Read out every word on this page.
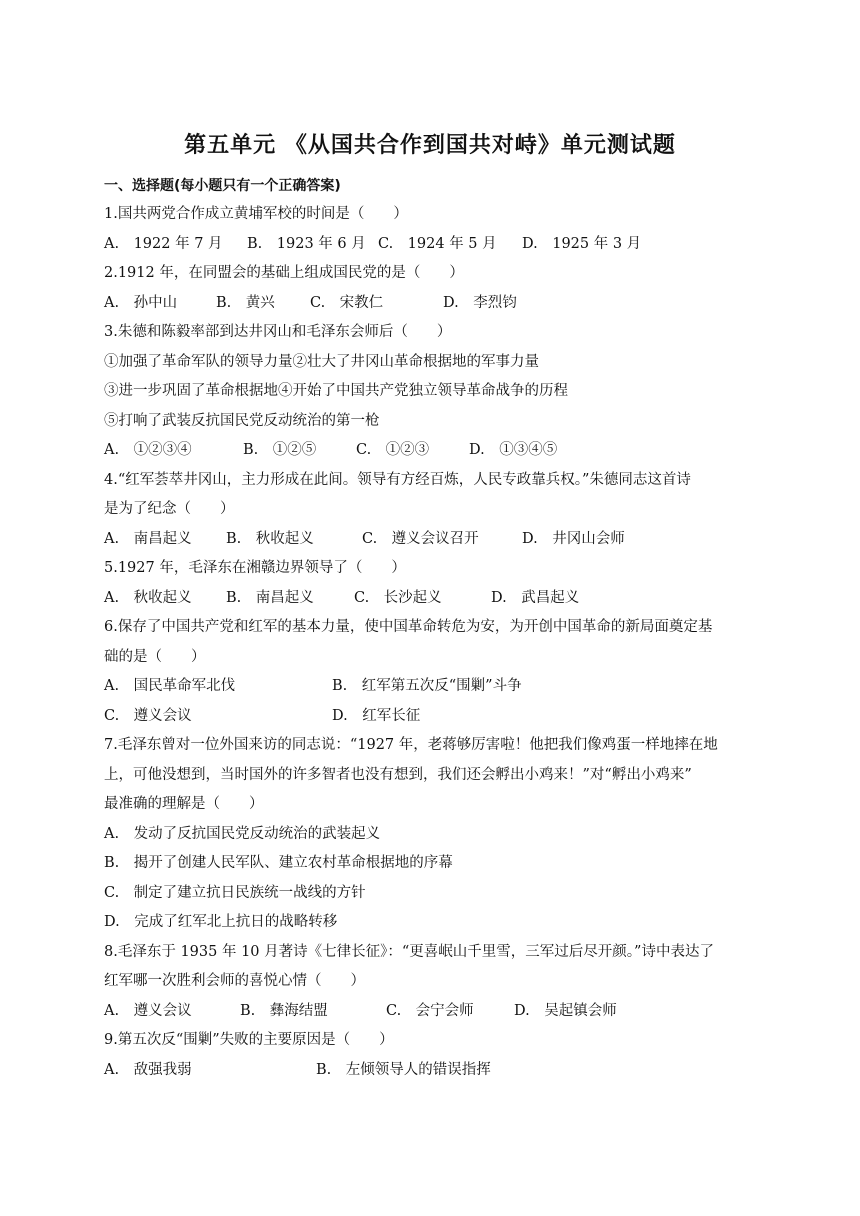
第五单元 《从国共合作到国共对峙》单元测试题
一、选择题(每小题只有一个正确答案)
1.国共两党合作成立黄埔军校的时间是（　　）
A.　1922 年 7 月 B.　1923 年 6 月 C.　1924 年 5 月 D.　1925 年 3 月
2.1912 年，在同盟会的基础上组成国民党的是（　　）
A.　孙中山	B.　黄兴 C.　宋教仁	D.　李烈钧
3.朱德和陈毅率部到达井冈山和毛泽东会师后（　　）
①加强了革命军队的领导力量②壮大了井冈山革命根据地的军事力量
③进一步巩固了革命根据地④开始了中国共产党独立领导革命战争的历程
⑤打响了武装反抗国民党反动统治的第一枪
A.　①②③④	B.　①②⑤	C.　①②③	D.　①③④⑤
4.“红军荟萃井冈山，主力形成在此间。领导有方经百炼，人民专政靠兵权。”朱德同志这首诗
是为了纪念（　　）
A.　南昌起义 B.　秋收起义	C.　遵义会议召开	D.　井冈山会师
5.1927 年，毛泽东在湘赣边界领导了（　　）
A.　秋收起义 B.　南昌起义	C.　长沙起义	D.　武昌起义
6.保存了中国共产党和红军的基本力量，使中国革命转危为安，为开创中国革命的新局面奠定基
础的是（　　）
A.　国民革命军北伐	B.　红军第五次反“围剿”斗争
C.　遵义会议	D.　红军长征
7.毛泽东曾对一位外国来访的同志说：“1927 年，老蒋够厉害啦！他把我们像鸡蛋一样地摔在地
上，可他没想到，当时国外的许多智者也没有想到，我们还会孵出小鸡来！”对“孵出小鸡来”
最准确的理解是（　　）
A.　发动了反抗国民党反动统治的武装起义
B.　揭开了创建人民军队、建立农村革命根据地的序幕
C.　制定了建立抗日民族统一战线的方针
D.　完成了红军北上抗日的战略转移
8.毛泽东于 1935 年 10 月著诗《七律长征》：“更喜岷山千里雪，三军过后尽开颜。”诗中表达了
红军哪一次胜利会师的喜悦心情（　　）
A.　遵义会议	B.　彝海结盟	C.　会宁会师	D.　吴起镇会师
9.第五次反“围剿”失败的主要原因是（　　）
A.　敌强我弱	B.　左倾领导人的错误指挥
